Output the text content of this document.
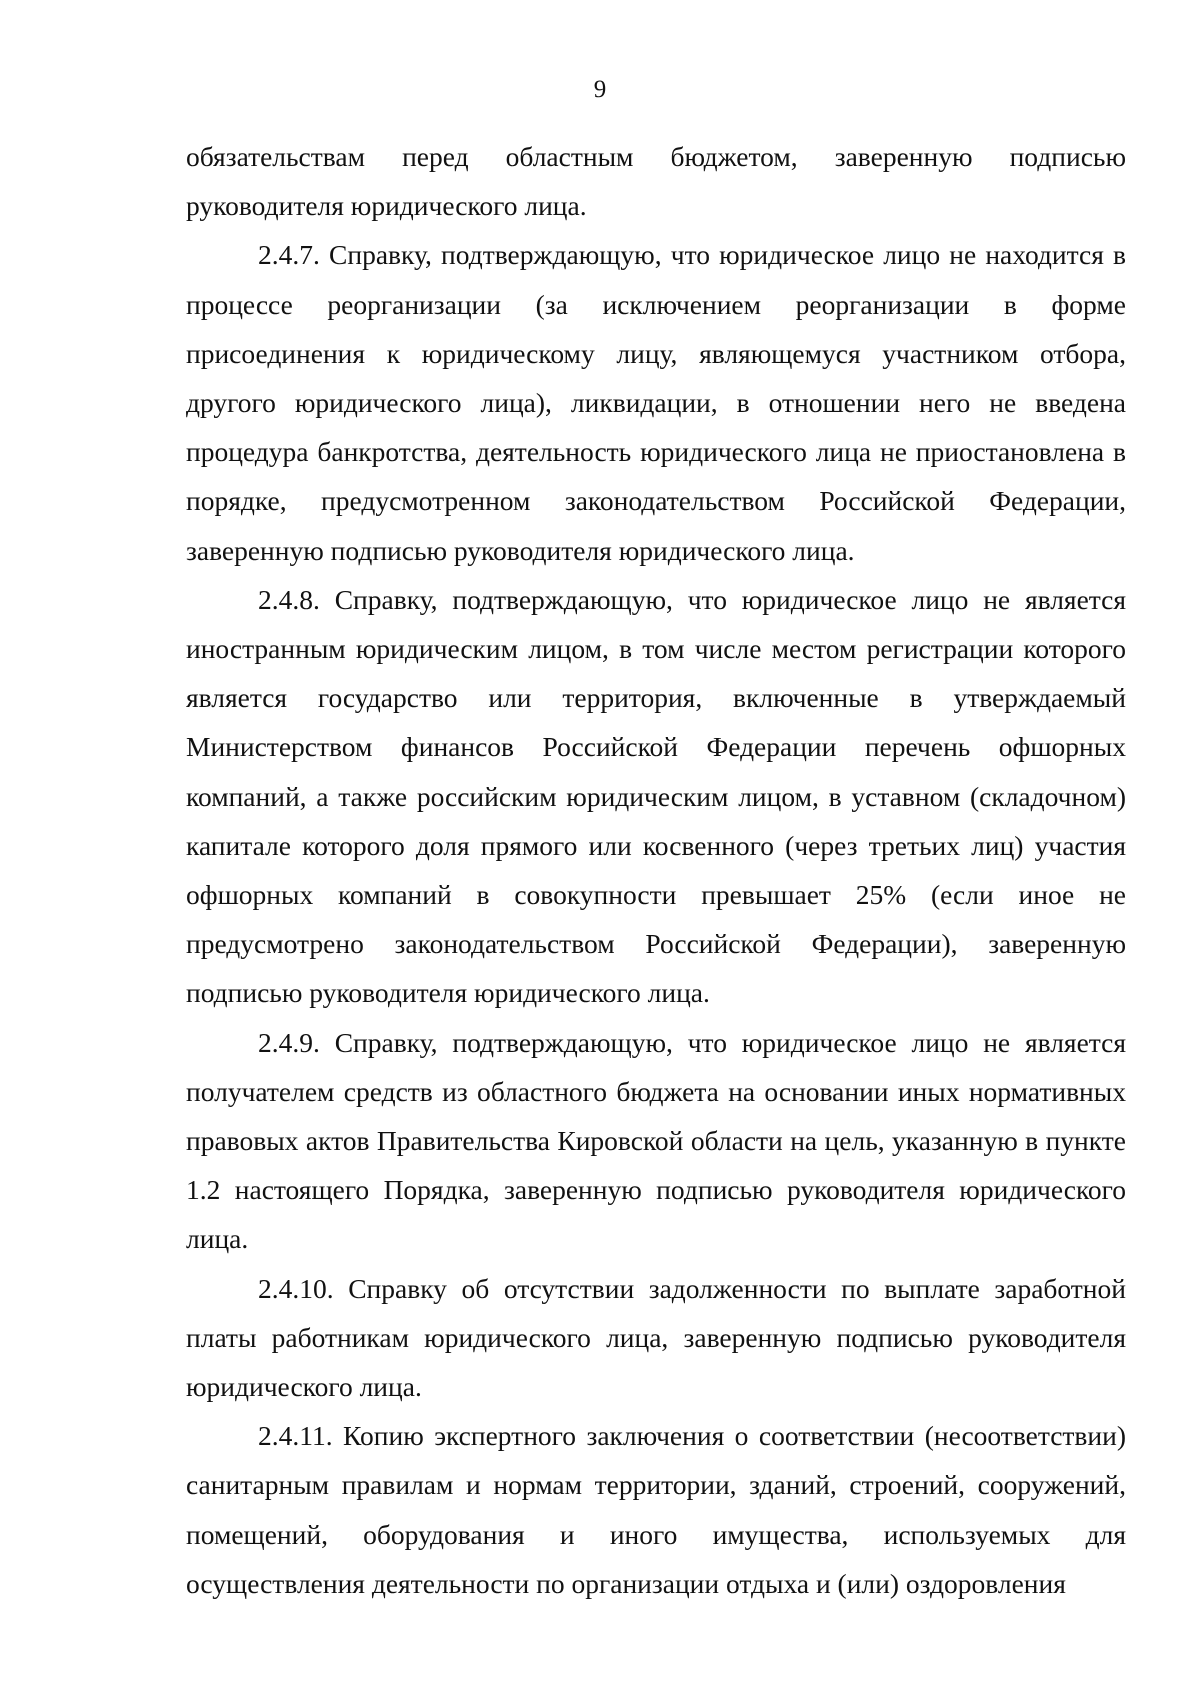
9

обязательствам перед областным бюджетом, заверенную подписью руководителя юридического лица.

2.4.7. Справку, подтверждающую, что юридическое лицо не находится в процессе реорганизации (за исключением реорганизации в форме присоединения к юридическому лицу, являющемуся участником отбора, другого юридического лица), ликвидации, в отношении него не введена процедура банкротства, деятельность юридического лица не приостановлена в порядке, предусмотренном законодательством Российской Федерации, заверенную подписью руководителя юридического лица.

2.4.8. Справку, подтверждающую, что юридическое лицо не является иностранным юридическим лицом, в том числе местом регистрации которого является государство или территория, включенные в утверждаемый Министерством финансов Российской Федерации перечень офшорных компаний, а также российским юридическим лицом, в уставном (складочном) капитале которого доля прямого или косвенного (через третьих лиц) участия офшорных компаний в совокупности превышает 25% (если иное не предусмотрено законодательством Российской Федерации), заверенную подписью руководителя юридического лица.

2.4.9. Справку, подтверждающую, что юридическое лицо не является получателем средств из областного бюджета на основании иных нормативных правовых актов Правительства Кировской области на цель, указанную в пункте 1.2 настоящего Порядка, заверенную подписью руководителя юридического лица.

2.4.10. Справку об отсутствии задолженности по выплате заработной платы работникам юридического лица, заверенную подписью руководителя юридического лица.

2.4.11. Копию экспертного заключения о соответствии (несоответствии) санитарным правилам и нормам территории, зданий, строений, сооружений, помещений, оборудования и иного имущества, используемых для осуществления деятельности по организации отдыха и (или) оздоровления
